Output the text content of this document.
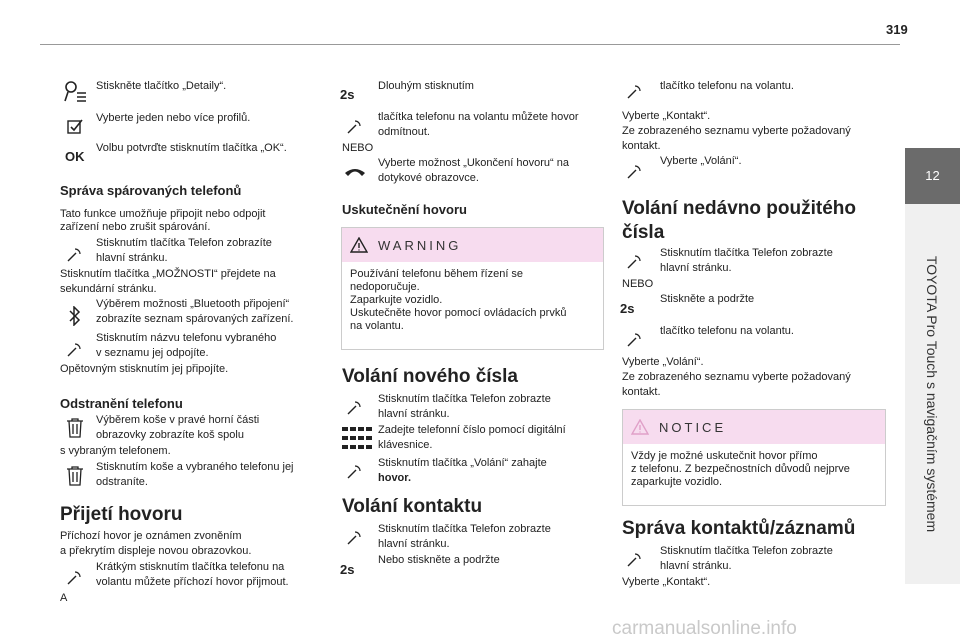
319
12
TOYOTA Pro Touch s navigačním systémem
Stiskněte tlačítko „Detaily“.
Vyberte jeden nebo více profilů.
OK
Volbu potvrďte stisknutím tlačítka „OK“.
Správa spárovaných telefonů
Tato funkce umožňuje připojit nebo odpojit
zařízení nebo zrušit spárování.
Stisknutím tlačítka Telefon zobrazíte
hlavní stránku.
Stisknutím tlačítka „MOŽNOSTI“ přejdete na
sekundární stránku.
Výběrem možnosti „Bluetooth připojení“
zobrazíte seznam spárovaných zařízení.
Stisknutím názvu telefonu vybraného
v seznamu jej odpojíte.
Opětovným stisknutím jej připojíte.
Odstranění telefonu
Výběrem koše v pravé horní části
obrazovky zobrazíte koš spolu
s vybraným telefonem.
Stisknutím koše a vybraného telefonu jej
odstraníte.
Přijetí hovoru
Příchozí hovor je oznámen zvoněním
a překrytím displeje novou obrazovkou.
Krátkým stisknutím tlačítka telefonu na
volantu můžete příchozí hovor přijmout.
A
2s
Dlouhým stisknutím
tlačítka telefonu na volantu můžete hovor
odmítnout.
NEBO
Vyberte možnost „Ukončení hovoru“ na
dotykové obrazovce.
Uskutečnění hovoru
WARNING
Používání telefonu během řízení se
nedoporučuje.
Zaparkujte vozidlo.
Uskutečněte hovor pomocí ovládacích prvků
na volantu.
Volání nového čísla
Stisknutím tlačítka Telefon zobrazte
hlavní stránku.
Zadejte telefonní číslo pomocí digitální
klávesnice.
Stisknutím tlačítka „Volání“ zahajte
hovor.
Volání kontaktu
Stisknutím tlačítka Telefon zobrazte
hlavní stránku.
2s
Nebo stiskněte a podržte
tlačítko telefonu na volantu.
Vyberte „Kontakt“.
Ze zobrazeného seznamu vyberte požadovaný
kontakt.
Vyberte „Volání“.
Volání nedávno použitého
čísla
Stisknutím tlačítka Telefon zobrazte
hlavní stránku.
NEBO
2s
Stiskněte a podržte
tlačítko telefonu na volantu.
Vyberte „Volání“.
Ze zobrazeného seznamu vyberte požadovaný
kontakt.
NOTICE
Vždy je možné uskutečnit hovor přímo
z telefonu. Z bezpečnostních důvodů nejprve
zaparkujte vozidlo.
Správa kontaktů/záznamů
Stisknutím tlačítka Telefon zobrazte
hlavní stránku.
Vyberte „Kontakt“.
carmanualsonline.info
